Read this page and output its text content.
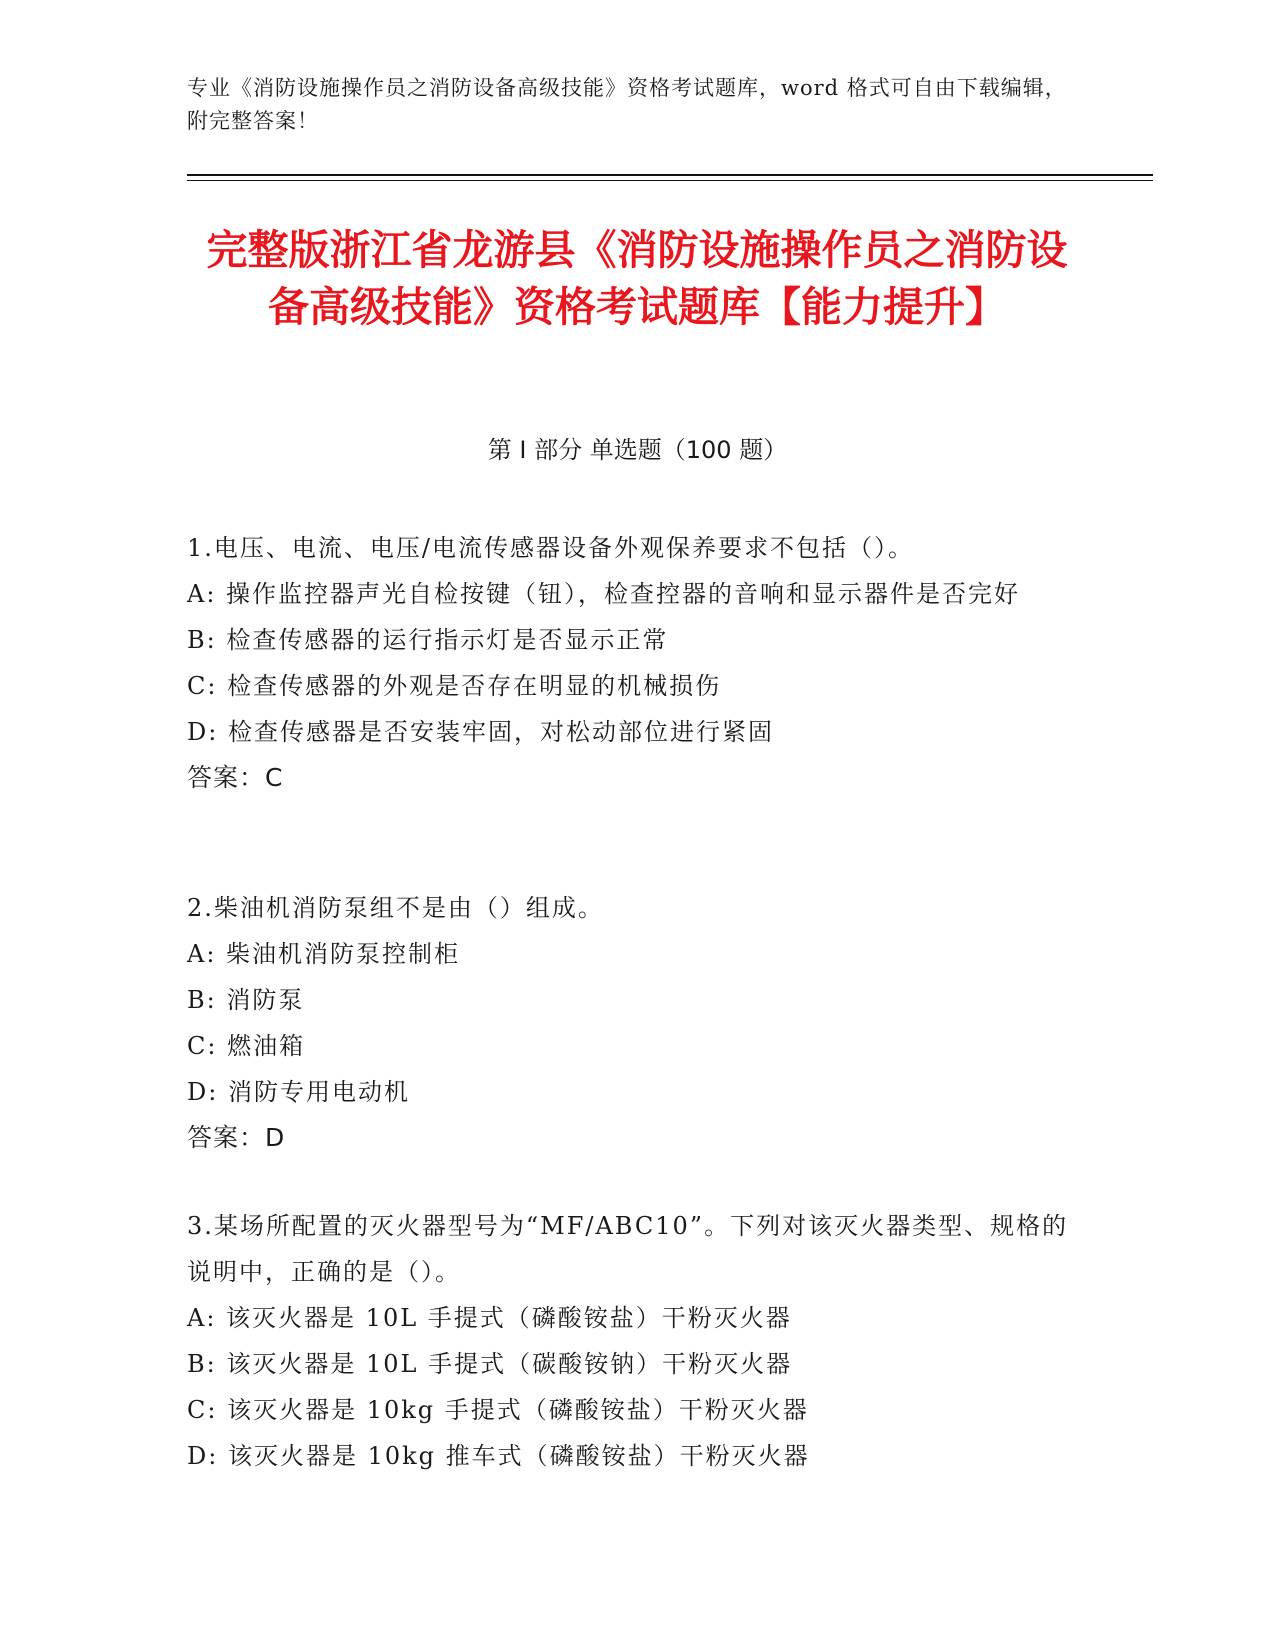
专业《消防设施操作员之消防设备高级技能》资格考试题库，word 格式可自由下载编辑，附完整答案！
完整版浙江省龙游县《消防设施操作员之消防设备高级技能》资格考试题库【能力提升】
第 I 部分 单选题（100 题）
1.电压、电流、电压/电流传感器设备外观保养要求不包括（）。
A: 操作监控器声光自检按键（钮），检查控器的音响和显示器件是否完好
B: 检查传感器的运行指示灯是否显示正常
C: 检查传感器的外观是否存在明显的机械损伤
D: 检查传感器是否安装牢固，对松动部位进行紧固
答案：C
2.柴油机消防泵组不是由（）组成。
A: 柴油机消防泵控制柜
B: 消防泵
C: 燃油箱
D: 消防专用电动机
答案：D
3.某场所配置的灭火器型号为“MF/ABC10”。下列对该灭火器类型、规格的说明中，正确的是（）。
A: 该灭火器是 10L 手提式（磷酸铵盐）干粉灭火器
B: 该灭火器是 10L 手提式（碳酸铵钠）干粉灭火器
C: 该灭火器是 10kg 手提式（磷酸铵盐）干粉灭火器
D: 该灭火器是 10kg 推车式（磷酸铵盐）干粉灭火器
